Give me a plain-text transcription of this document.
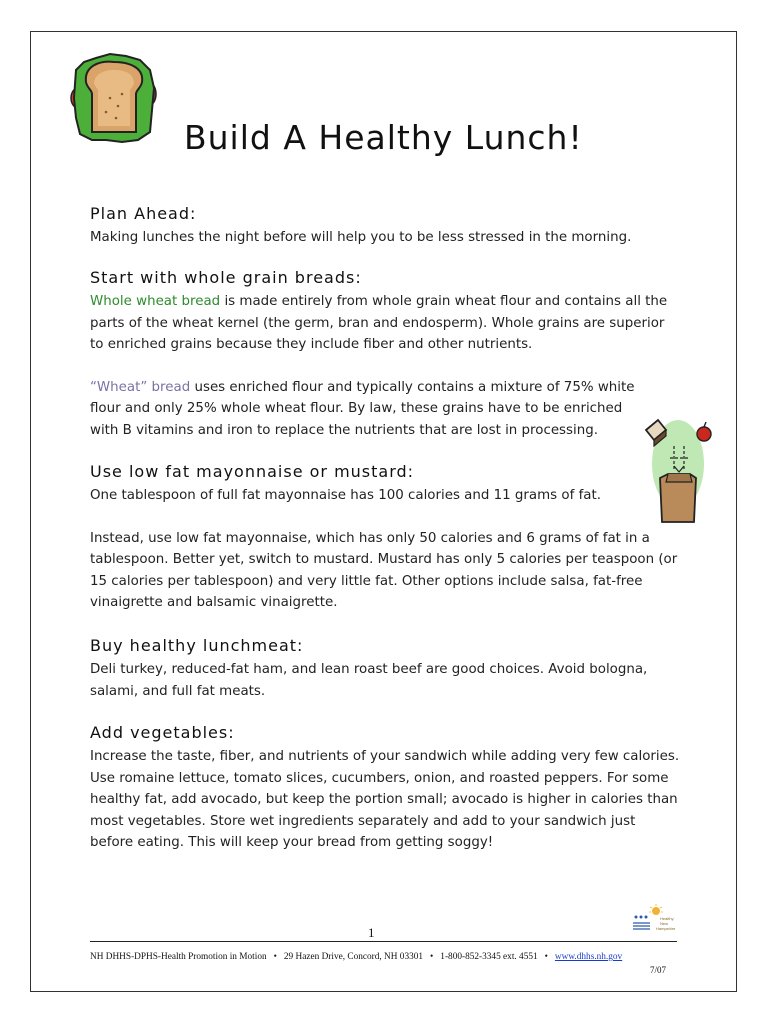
Build A Healthy Lunch!
Plan Ahead:

Making lunches the night before will help you to be less stressed in the morning.

Start with whole grain breads:

Whole wheat bread is made entirely from whole grain wheat flour and contains all the parts of the wheat kernel (the germ, bran and endosperm). Whole grains are superior to enriched grains because they include fiber and other nutrients.

“Wheat” bread uses enriched flour and typically contains a mixture of 75% white flour and only 25% whole wheat flour. By law, these grains have to be enriched with B vitamins and iron to replace the nutrients that are lost in processing.

Use low fat mayonnaise or mustard:

One tablespoon of full fat mayonnaise has 100 calories and 11 grams of fat.

Instead, use low fat mayonnaise, which has only 50 calories and 6 grams of fat in a tablespoon. Better yet, switch to mustard. Mustard has only 5 calories per teaspoon (or 15 calories per tablespoon) and very little fat. Other options include salsa, fat-free vinaigrette and balsamic vinaigrette.

Buy healthy lunchmeat:

Deli turkey, reduced-fat ham, and lean roast beef are good choices. Avoid bologna, salami, and full fat meats.

Add vegetables:

Increase the taste, fiber, and nutrients of your sandwich while adding very few calories. Use romaine lettuce, tomato slices, cucumbers, onion, and roasted peppers. For some healthy fat, add avocado, but keep the portion small; avocado is higher in calories than most vegetables. Store wet ingredients separately and add to your sandwich just before eating. This will keep your bread from getting soggy!

Healthy
New
Hampshire
1
NH DHHS-DPHS-Health Promotion in Motion • 29 Hazen Drive, Concord, NH 03301 • 1-800-852-3345 ext. 4551 • www.dhhs.nh.gov
7/07
